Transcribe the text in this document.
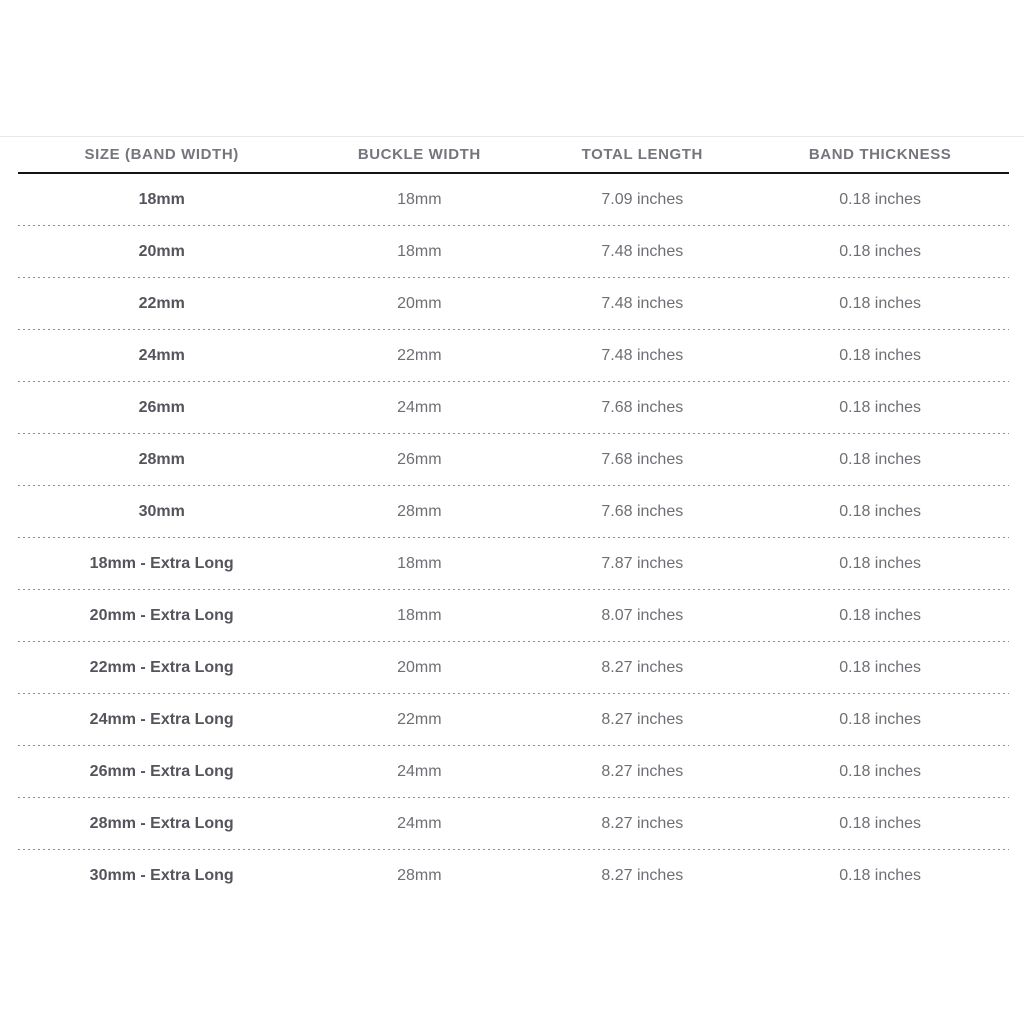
SIZE (BAND WIDTH)	BUCKLE WIDTH	TOTAL LENGTH	BAND THICKNESS
18mm	18mm	7.09 inches	0.18 inches
20mm	18mm	7.48 inches	0.18 inches
22mm	20mm	7.48 inches	0.18 inches
24mm	22mm	7.48 inches	0.18 inches
26mm	24mm	7.68 inches	0.18 inches
28mm	26mm	7.68 inches	0.18 inches
30mm	28mm	7.68 inches	0.18 inches
18mm - Extra Long	18mm	7.87 inches	0.18 inches
20mm - Extra Long	18mm	8.07 inches	0.18 inches
22mm - Extra Long	20mm	8.27 inches	0.18 inches
24mm - Extra Long	22mm	8.27 inches	0.18 inches
26mm - Extra Long	24mm	8.27 inches	0.18 inches
28mm - Extra Long	24mm	8.27 inches	0.18 inches
30mm - Extra Long	28mm	8.27 inches	0.18 inches
